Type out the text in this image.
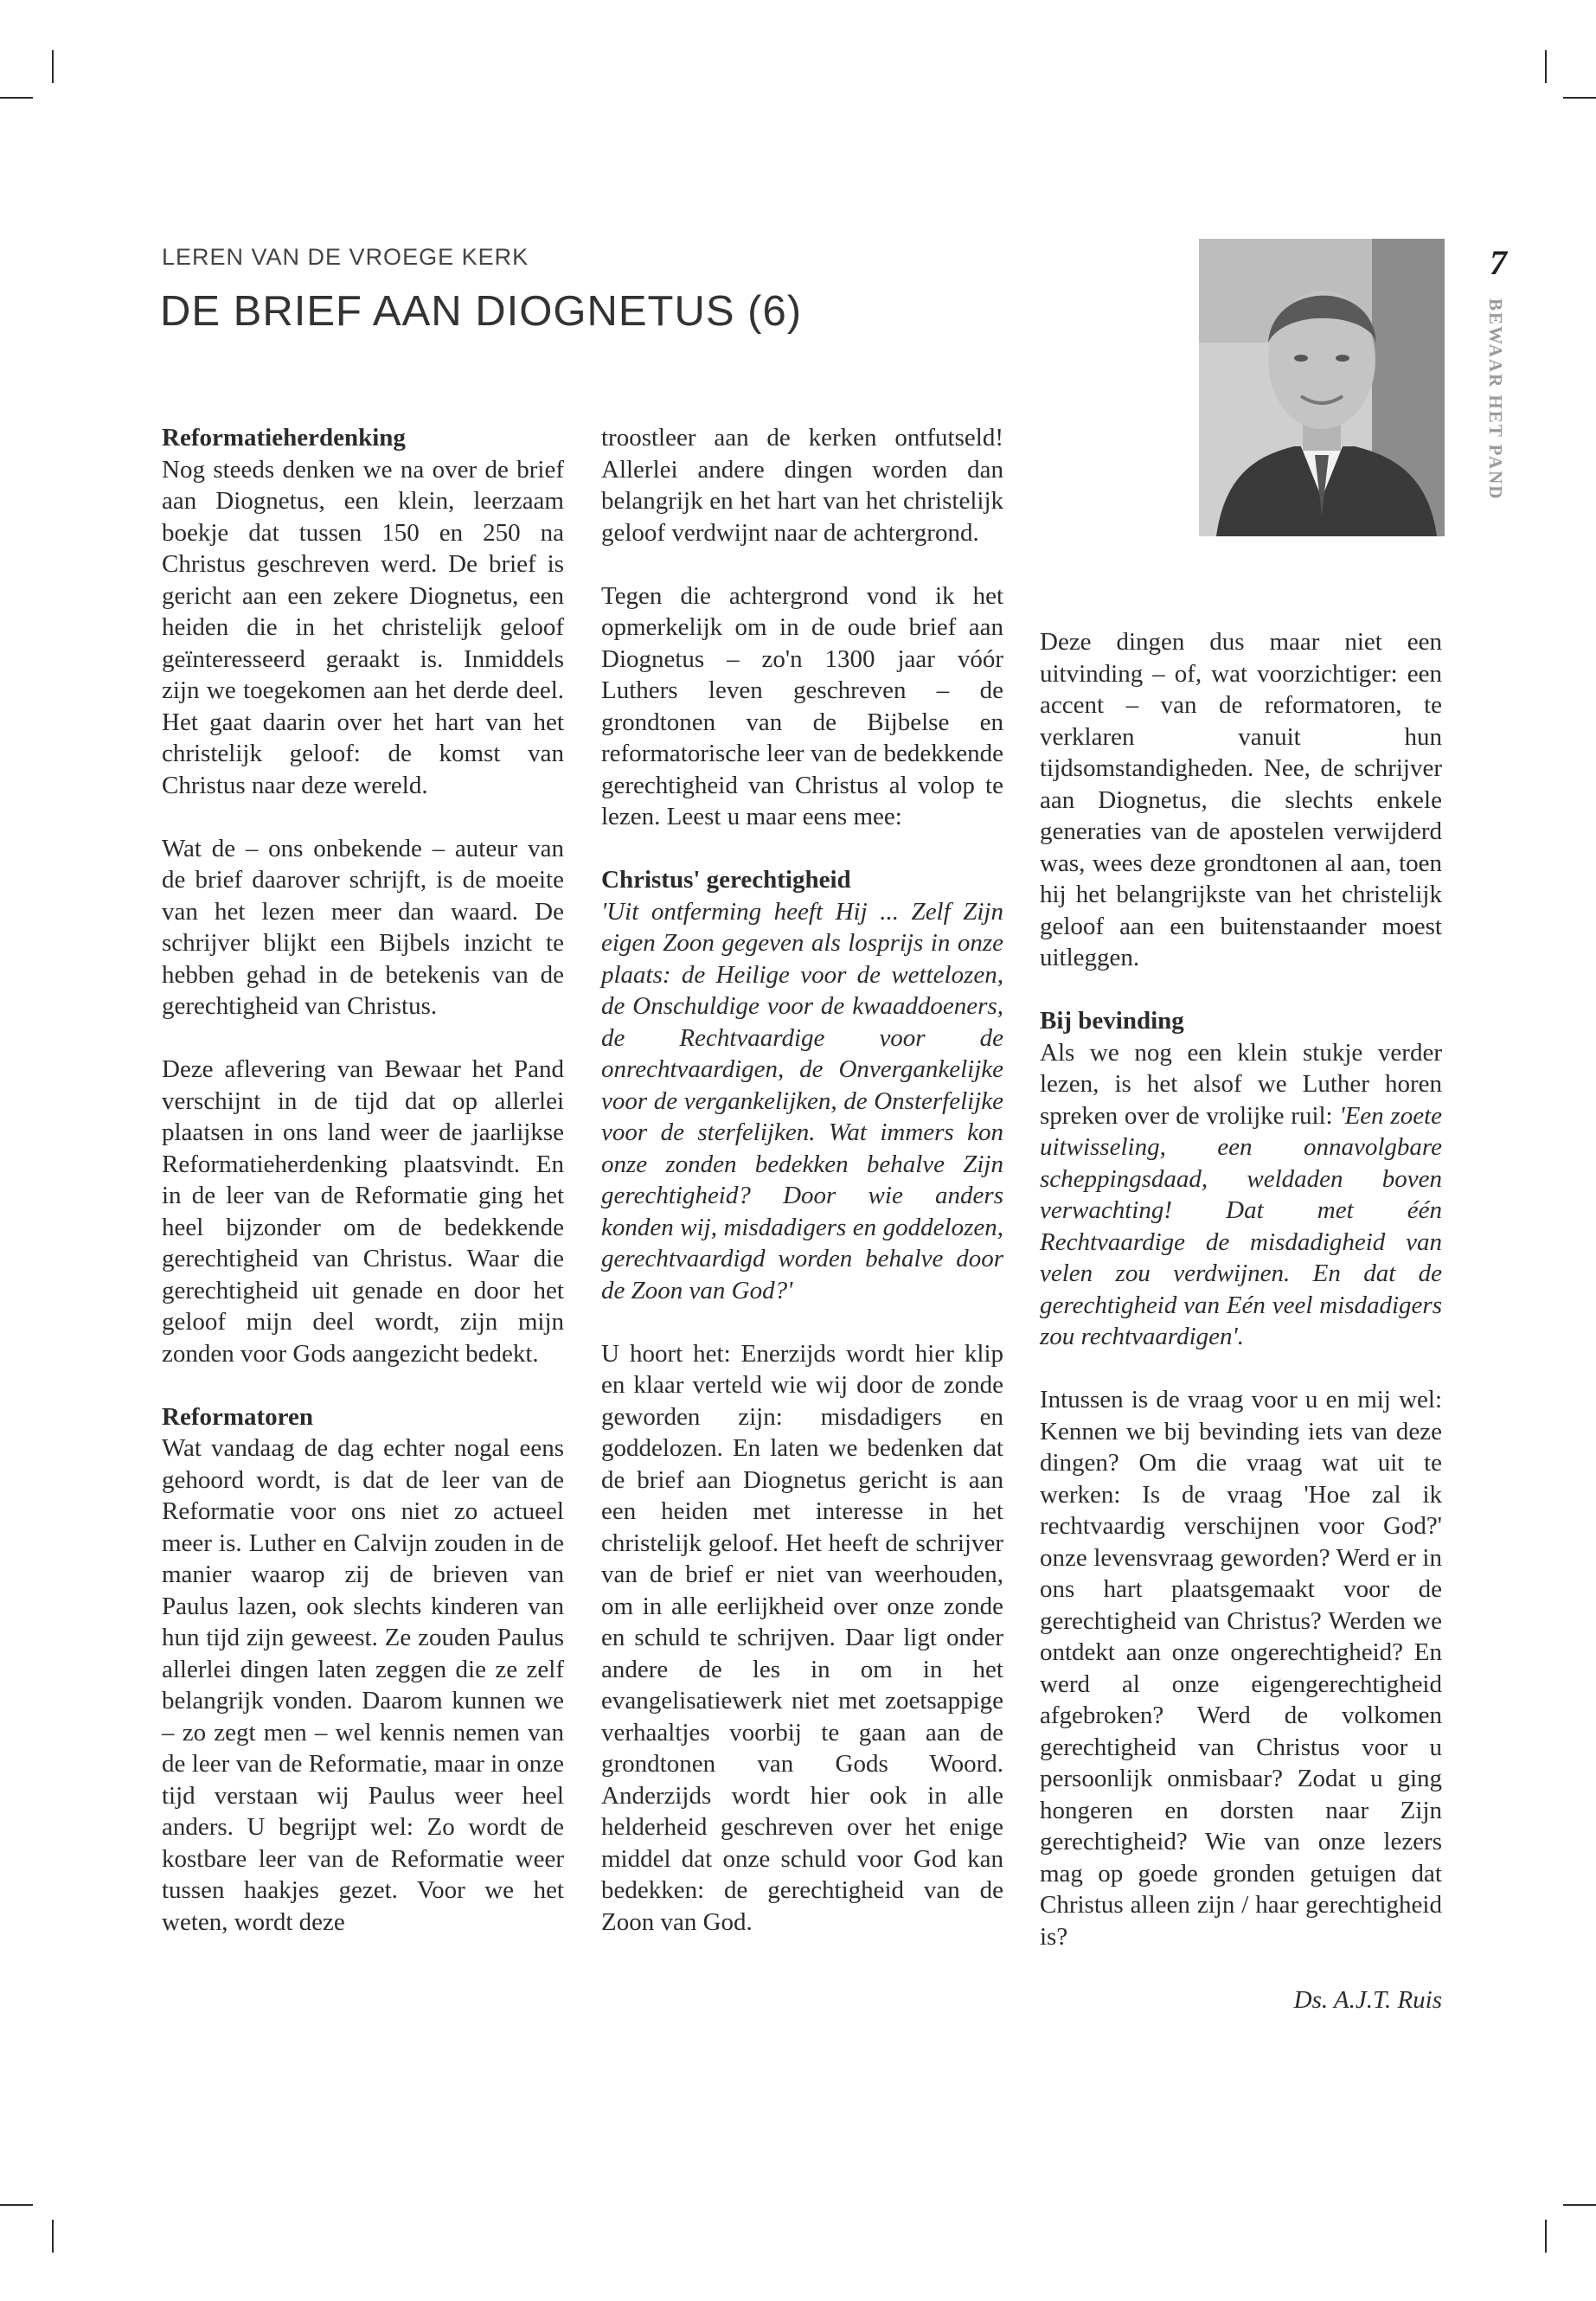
LEREN VAN DE VROEGE KERK
DE BRIEF AAN DIOGNETUS (6)
7
BEWAAR HET PAND
Reformatieherdenking

Nog steeds denken we na over de brief aan Diognetus, een klein, leerzaam boekje dat tussen 150 en 250 na Christus geschreven werd. De brief is gericht aan een zekere Diognetus, een heiden die in het christelijk geloof geïnteresseerd geraakt is. Inmiddels zijn we toegekomen aan het derde deel. Het gaat daarin over het hart van het christelijk geloof: de komst van Christus naar deze wereld.

Wat de – ons onbekende – auteur van de brief daarover schrijft, is de moeite van het lezen meer dan waard. De schrijver blijkt een Bijbels inzicht te hebben gehad in de betekenis van de gerechtigheid van Christus.

Deze aflevering van Bewaar het Pand verschijnt in de tijd dat op allerlei plaatsen in ons land weer de jaarlijkse Reformatieherdenking plaatsvindt. En in de leer van de Reformatie ging het heel bijzonder om de bedekkende gerechtigheid van Christus. Waar die gerechtigheid uit genade en door het geloof mijn deel wordt, zijn mijn zonden voor Gods aangezicht bedekt.

Reformatoren

Wat vandaag de dag echter nogal eens gehoord wordt, is dat de leer van de Reformatie voor ons niet zo actueel meer is. Luther en Calvijn zouden in de manier waarop zij de brieven van Paulus lazen, ook slechts kinderen van hun tijd zijn geweest. Ze zouden Paulus allerlei dingen laten zeggen die ze zelf belangrijk vonden. Daarom kunnen we – zo zegt men – wel kennis nemen van de leer van de Reformatie, maar in onze tijd verstaan wij Paulus weer heel anders. U begrijpt wel: Zo wordt de kostbare leer van de Reformatie weer tussen haakjes gezet. Voor we het weten, wordt deze

troostleer aan de kerken ontfutseld! Allerlei andere dingen worden dan belangrijk en het hart van het christelijk geloof verdwijnt naar de achtergrond.

Tegen die achtergrond vond ik het opmerkelijk om in de oude brief aan Diognetus – zo'n 1300 jaar vóór Luthers leven geschreven – de grondtonen van de Bijbelse en reformatorische leer van de bedekkende gerechtigheid van Christus al volop te lezen. Leest u maar eens mee:

Christus' gerechtigheid

'Uit ontferming heeft Hij ... Zelf Zijn eigen Zoon gegeven als losprijs in onze plaats: de Heilige voor de wettelozen, de Onschuldige voor de kwaaddoeners, de Rechtvaardige voor de onrechtvaardigen, de Onvergankelijke voor de vergankelijken, de Onsterfelijke voor de sterfelijken. Wat immers kon onze zonden bedekken behalve Zijn gerechtigheid? Door wie anders konden wij, misdadigers en goddelozen, gerechtvaardigd worden behalve door de Zoon van God?'

U hoort het: Enerzijds wordt hier klip en klaar verteld wie wij door de zonde geworden zijn: misdadigers en goddelozen. En laten we bedenken dat de brief aan Diognetus gericht is aan een heiden met interesse in het christelijk geloof. Het heeft de schrijver van de brief er niet van weerhouden, om in alle eerlijkheid over onze zonde en schuld te schrijven. Daar ligt onder andere de les in om in het evangelisatiewerk niet met zoetsappige verhaaltjes voorbij te gaan aan de grondtonen van Gods Woord. Anderzijds wordt hier ook in alle helderheid geschreven over het enige middel dat onze schuld voor God kan bedekken: de gerechtigheid van de Zoon van God.

Deze dingen dus maar niet een uitvinding – of, wat voorzichtiger: een accent – van de reformatoren, te verklaren vanuit hun tijdsomstandigheden. Nee, de schrijver aan Diognetus, die slechts enkele generaties van de apostelen verwijderd was, wees deze grondtonen al aan, toen hij het belangrijkste van het christelijk geloof aan een buitenstaander moest uitleggen.

Bij bevinding

Als we nog een klein stukje verder lezen, is het alsof we Luther horen spreken over de vrolijke ruil: 'Een zoete uitwisseling, een onnavolgbare scheppingsdaad, weldaden boven verwachting! Dat met één Rechtvaardige de misdadigheid van velen zou verdwijnen. En dat de gerechtigheid van Eén veel misdadigers zou rechtvaardigen'.

Intussen is de vraag voor u en mij wel: Kennen we bij bevinding iets van deze dingen? Om die vraag wat uit te werken: Is de vraag 'Hoe zal ik rechtvaardig verschijnen voor God?' onze levensvraag geworden? Werd er in ons hart plaatsgemaakt voor de gerechtigheid van Christus? Werden we ontdekt aan onze ongerechtigheid? En werd al onze eigengerechtigheid afgebroken? Werd de volkomen gerechtigheid van Christus voor u persoonlijk onmisbaar? Zodat u ging hongeren en dorsten naar Zijn gerechtigheid? Wie van onze lezers mag op goede gronden getuigen dat Christus alleen zijn / haar gerechtigheid is?

Ds. A.J.T. Ruis
